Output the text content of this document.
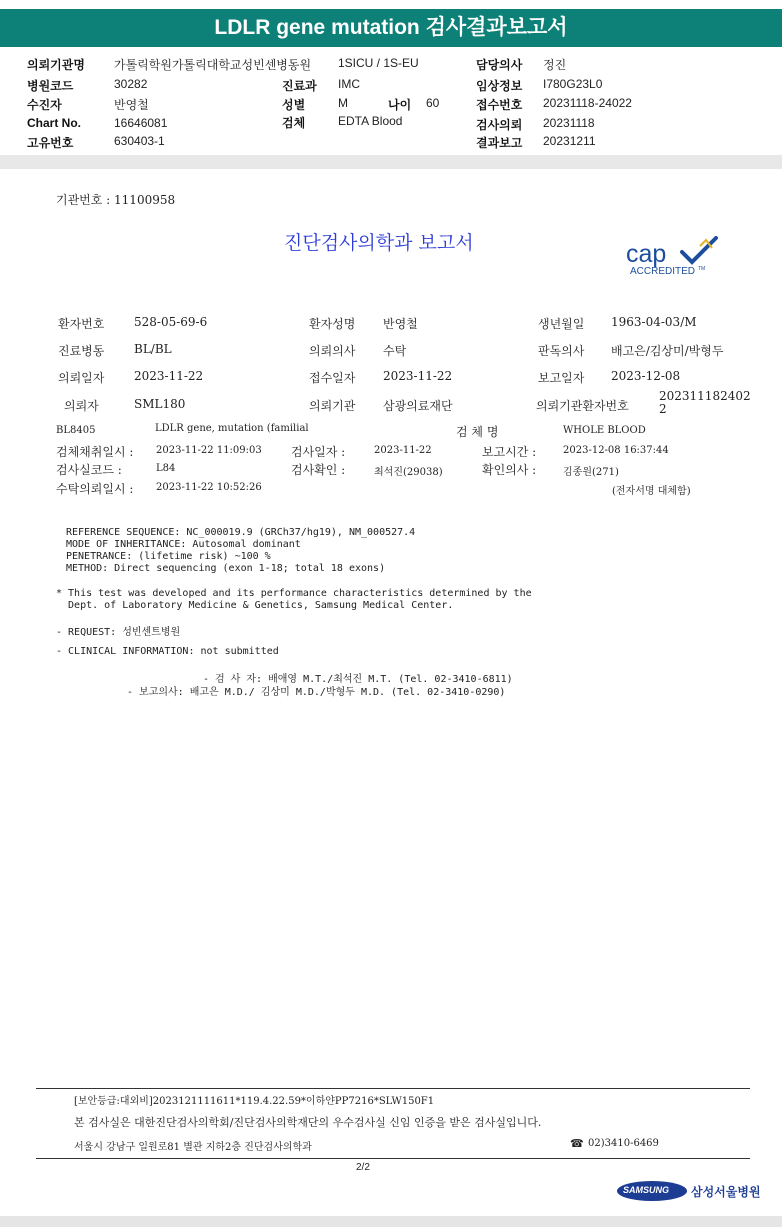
LDLR gene mutation 검사결과보고서
의뢰기관명 가톨릭학원가톨릭대학교성빈센병동원 1SICU / 1S-EU	담당의사 정진
병원코드	30282	진료과 IMC	임상정보 I780G23L0
수진자	반영철	성별	M	나이 60	접수번호 20231118-24022
Chart No.	16646081	검체	EDTA Blood	검사의뢰 20231118
고유번호	630403-1	결과보고 20231211
기관번호 : 11100958
진단검사의학과 보고서	cap
ACCREDITED TM
환자번호 528-05-69-6	환자성명 반영철	생년월일 1963-04-03/M
진료병동 BL/BL	의뢰의사 수탁	판독의사 배고은/김상미/박형두
의뢰일자 2023-11-22	접수일자 2023-11-22	보고일자 2023-12-08
의뢰자	SML180	의뢰기관 삼광의료재단	의뢰기관환자번호
2023111824022
BL8405	LDLR gene, mutation (familial	검 체 명	WHOLE BLOOD
검체채취일시 : 2023-11-22 11:09:03 검사일자 :	2023-11-22	보고시간 :	2023-12-08 16:37:44
검사실코드 :	L84	검사확인 :	최석진(29038)	확인의사 :	김종원(271)
수탁의뢰일시 : 2023-11-22 10:52:26	(전자서명 대체함)
REFERENCE SEQUENCE: NC_000019.9 (GRCh37/hg19), NM_000527.4
MODE OF INHERITANCE: Autosomal dominant
PENETRANCE: (lifetime risk) ~100 %
METHOD: Direct sequencing (exon 1-18; total 18 exons)
* This test was developed and its performance characteristics determined by the
Dept. of Laboratory Medicine & Genetics, Samsung Medical Center.
- REQUEST: 성빈센트병원
- CLINICAL INFORMATION: not submitted
- 검 사 자: 배애영 M.T./최석진 M.T. (Tel. 02-3410-6811)
- 보고의사: 배고은 M.D./ 김상미 M.D./박형두 M.D. (Tel. 02-3410-0290)
[보안등급:대외비]2023121111611*119.4.22.59*이하얀PP7216*SLW150F1
본 검사실은 대한진단검사의학회/진단검사의학재단의 우수검사실 신임 인증을 받은 검사실입니다.
서울시 강남구 일원로81 별관 지하2층 진단검사의학과	☎ 02)3410-6469
2/2
SAMSUNG 삼성서울병원
